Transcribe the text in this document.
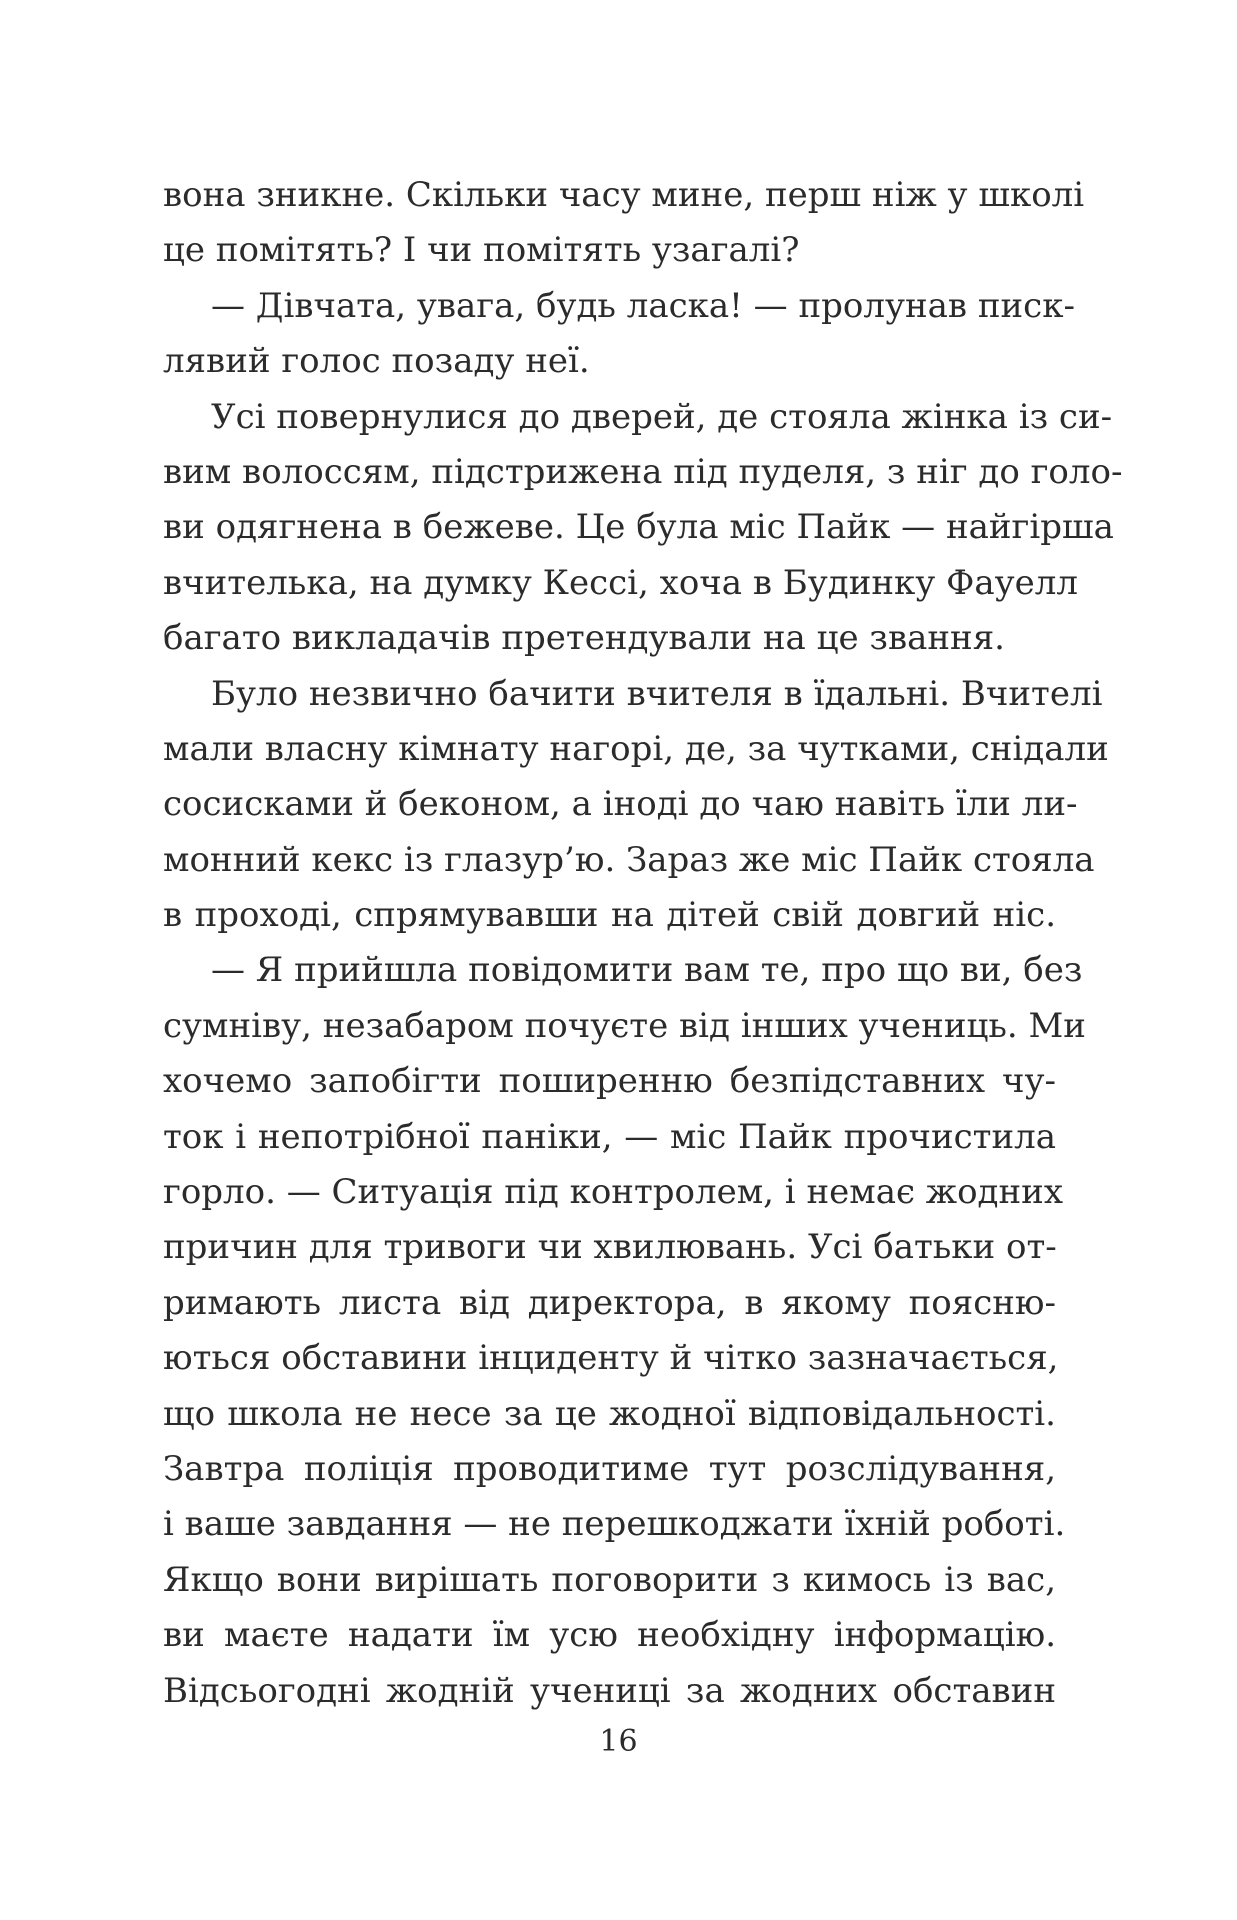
вона зникне. Скільки часу мине, перш ніж у школі
це помітять? І чи помітять узагалі?
— Дівчата, увага, будь ласка! — пролунав писк-
лявий голос позаду неї.
Усі повернулися до дверей, де стояла жінка із си-
вим волоссям, підстрижена під пуделя, з ніг до голо-
ви одягнена в бежеве. Це була міс Пайк — найгірша
вчителька, на думку Кессі, хоча в Будинку Фауелл
багато викладачів претендували на це звання.
Було незвично бачити вчителя в їдальні. Вчителі
мали власну кімнату нагорі, де, за чутками, снідали
сосисками й беконом, а іноді до чаю навіть їли ли-
монний кекс із глазур’ю. Зараз же міс Пайк стояла
в проході, спрямувавши на дітей свій довгий ніс.
— Я прийшла повідомити вам те, про що ви, без
сумніву, незабаром почуєте від інших учениць. Ми
хочемо запобігти поширенню безпідставних чу-
ток і непотрібної паніки, — міс Пайк прочистила
горло. — Ситуація під контролем, і немає жодних
причин для тривоги чи хвилювань. Усі батьки от-
римають листа від директора, в якому поясню-
ються обставини інциденту й чітко зазначається,
що школа не несе за це жодної відповідальності.
Завтра поліція проводитиме тут розслідування,
і ваше завдання — не перешкоджати їхній роботі.
Якщо вони вирішать поговорити з кимось із вас,
ви маєте надати їм усю необхідну інформацію.
Відсьогодні жодній учениці за жодних обставин
16
